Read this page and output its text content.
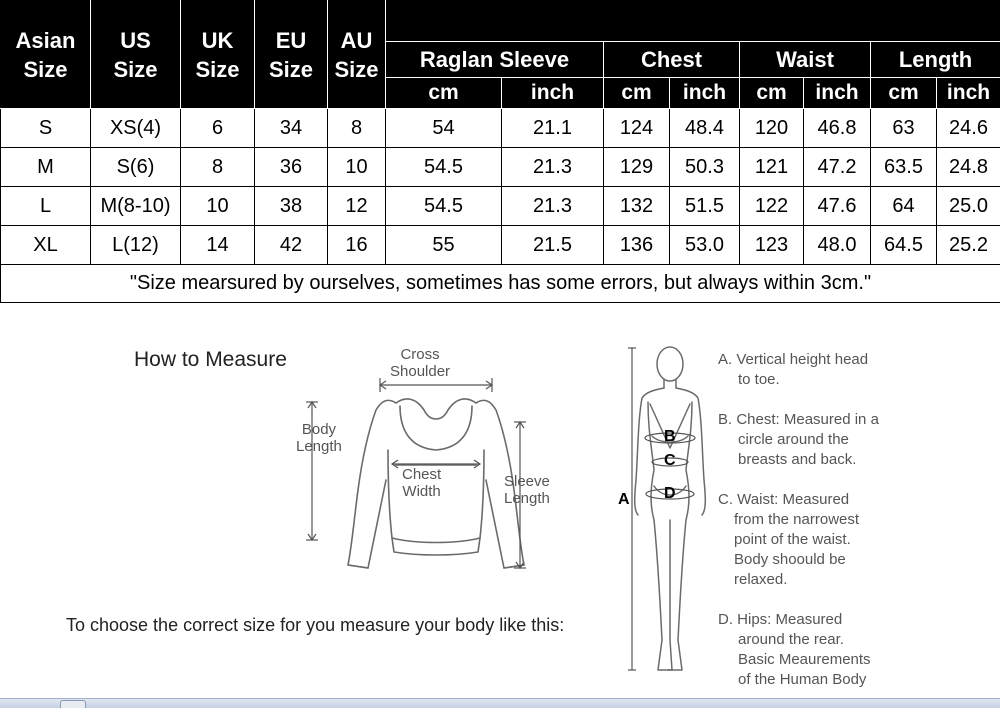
Asian Size	US Size	UK Size	EU Size	AU Size								

					Raglan Sleeve		Chest		Waist		Length	
					cm	inch	cm	inch	cm	inch	cm	inch
S	XS(4)	6	34	8	54	21.1	124	48.4	120	46.8	63	24.6
M	S(6)	8	36	10	54.5	21.3	129	50.3	121	47.2	63.5	24.8
L	M(8-10)	10	38	12	54.5	21.3	132	51.5	122	47.6	64	25.0
XL	L(12)	14	42	16	55	21.5	136	53.0	123	48.0	64.5	25.2
"Size mearsured by ourselves, sometimes has some errors, but always within 3cm."												
How to Measure	Cross
Shoulder
Body
Length
Chest
Width
Sleeve
Length
To choose the correct size for you measure your body like this:
A
B
C
D
A. Vertical height head
to toe.
B. Chest: Measured in a
circle around the
breasts and back.
C. Waist: Measured
from the narrowest
point of the waist.
Body shoould be
relaxed.
D. Hips: Measured
around the rear.
Basic Meaurements
of the Human Body
